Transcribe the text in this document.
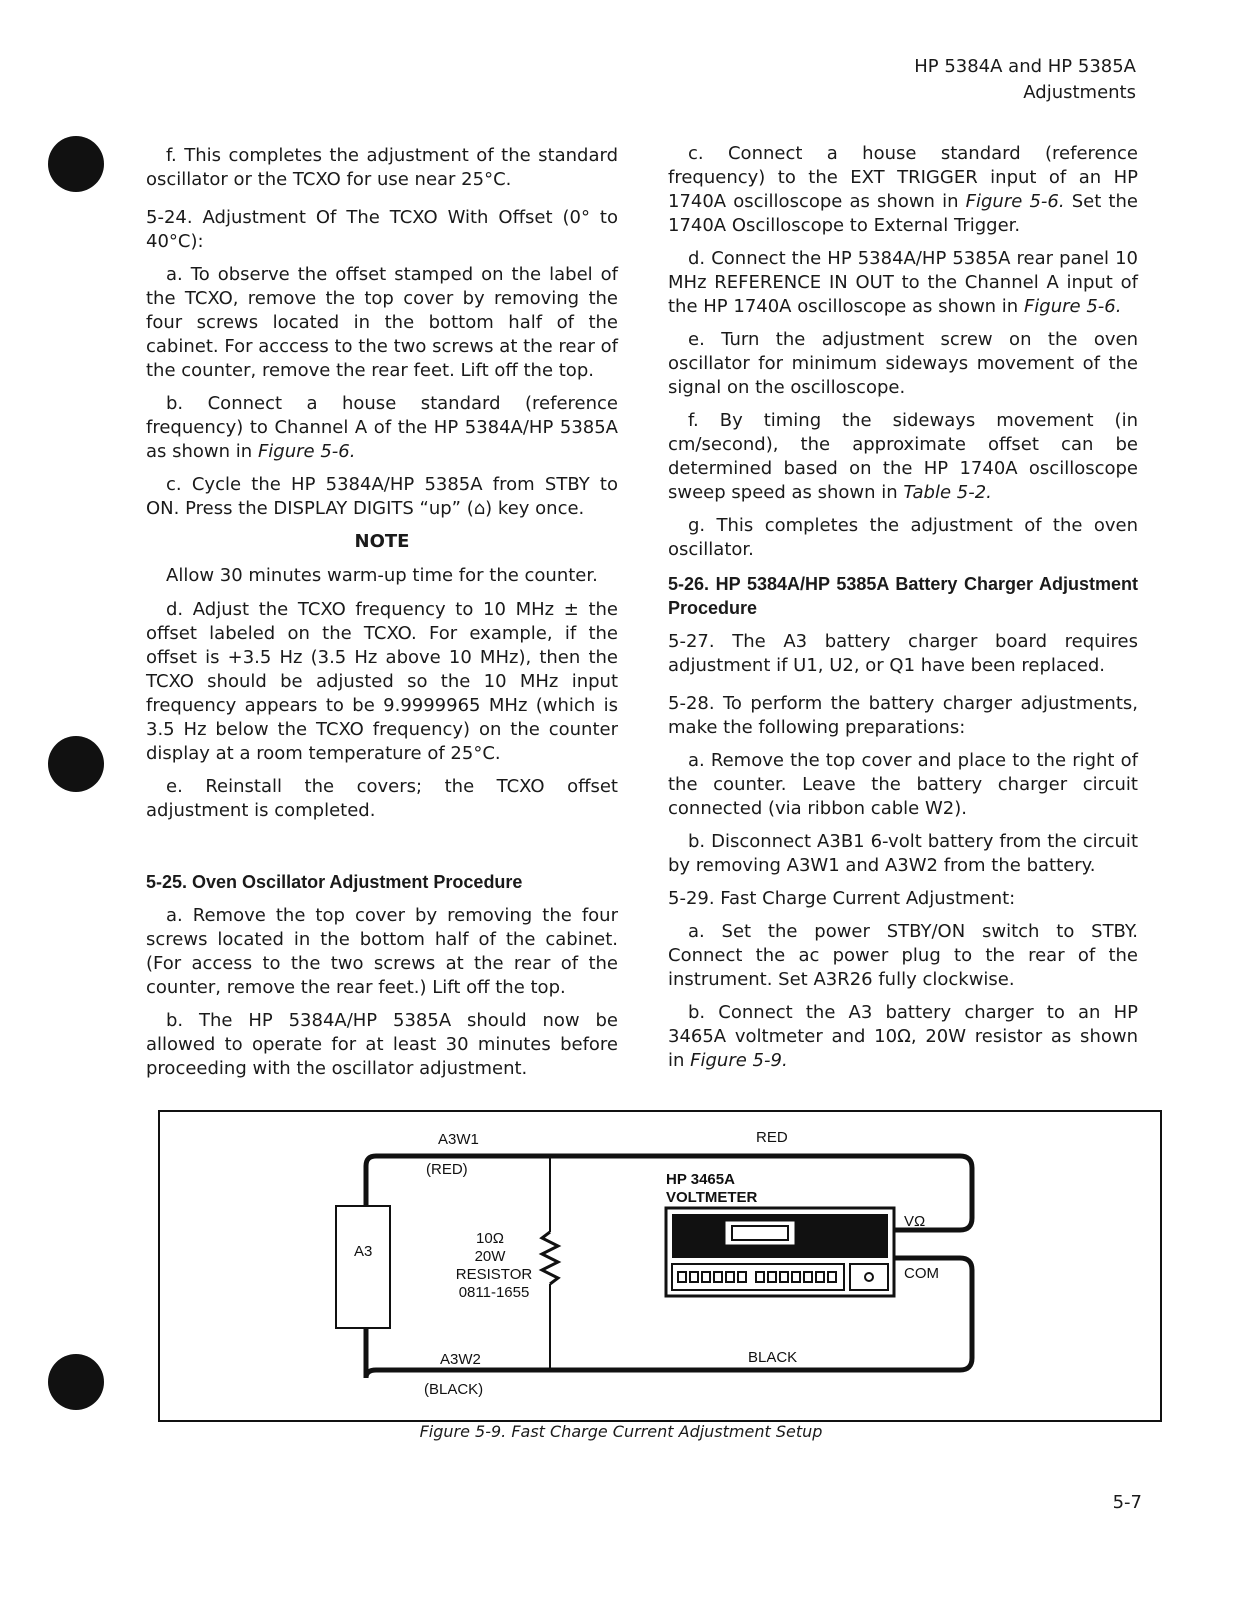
HP 5384A and HP 5385A
Adjustments

f. This completes the adjustment of the standard oscillator or the TCXO for use near 25°C.

5-24. Adjustment Of The TCXO With Offset (0° to 40°C):

a. To observe the offset stamped on the label of the TCXO, remove the top cover by removing the four screws located in the bottom half of the cabinet. For acccess to the two screws at the rear of the counter, remove the rear feet. Lift off the top.

b. Connect a house standard (reference frequency) to Channel A of the HP 5384A/HP 5385A as shown in Figure 5-6.

c. Cycle the HP 5384A/HP 5385A from STBY to ON. Press the DISPLAY DIGITS “up” (⌂) key once.

NOTE
Allow 30 minutes warm-up time for the counter.

d. Adjust the TCXO frequency to 10 MHz ± the offset labeled on the TCXO. For example, if the offset is +3.5 Hz (3.5 Hz above 10 MHz), then the TCXO should be adjusted so the 10 MHz input frequency appears to be 9.9999965 MHz (which is 3.5 Hz below the TCXO frequency) on the counter display at a room temperature of 25°C.

e. Reinstall the covers; the TCXO offset adjustment is completed.

5-25. Oven Oscillator Adjustment Procedure

a. Remove the top cover by removing the four screws located in the bottom half of the cabinet. (For access to the two screws at the rear of the counter, remove the rear feet.) Lift off the top.

b. The HP 5384A/HP 5385A should now be allowed to operate for at least 30 minutes before proceeding with the oscillator adjustment.

c. Connect a house standard (reference frequency) to the EXT TRIGGER input of an HP 1740A oscilloscope as shown in Figure 5-6. Set the 1740A Oscilloscope to External Trigger.

d. Connect the HP 5384A/HP 5385A rear panel 10 MHz REFERENCE IN OUT to the Channel A input of the HP 1740A oscilloscope as shown in Figure 5-6.

e. Turn the adjustment screw on the oven oscillator for minimum sideways movement of the signal on the oscilloscope.

f. By timing the sideways movement (in cm/second), the approximate offset can be determined based on the HP 1740A oscilloscope sweep speed as shown in Table 5-2.

g. This completes the adjustment of the oven oscillator.

5-26. HP 5384A/HP 5385A Battery Charger Adjustment Procedure

5-27. The A3 battery charger board requires adjustment if U1, U2, or Q1 have been replaced.

5-28. To perform the battery charger adjustments, make the following preparations:

a. Remove the top cover and place to the right of the counter. Leave the battery charger circuit connected (via ribbon cable W2).

b. Disconnect A3B1 6-volt battery from the circuit by removing A3W1 and A3W2 from the battery.

5-29. Fast Charge Current Adjustment:

a. Set the power STBY/ON switch to STBY. Connect the ac power plug to the rear of the instrument. Set A3R26 fully clockwise.

b. Connect the A3 battery charger to an HP 3465A voltmeter and 10Ω, 20W resistor as shown in Figure 5-9.

A3W1
(RED)
RED
A3
10Ω
20W
RESISTOR
0811-1655
HP 3465A
VOLTMETER
VΩ
COM
A3W2	BLACK
(BLACK)
Figure 5-9. Fast Charge Current Adjustment Setup
5-7
